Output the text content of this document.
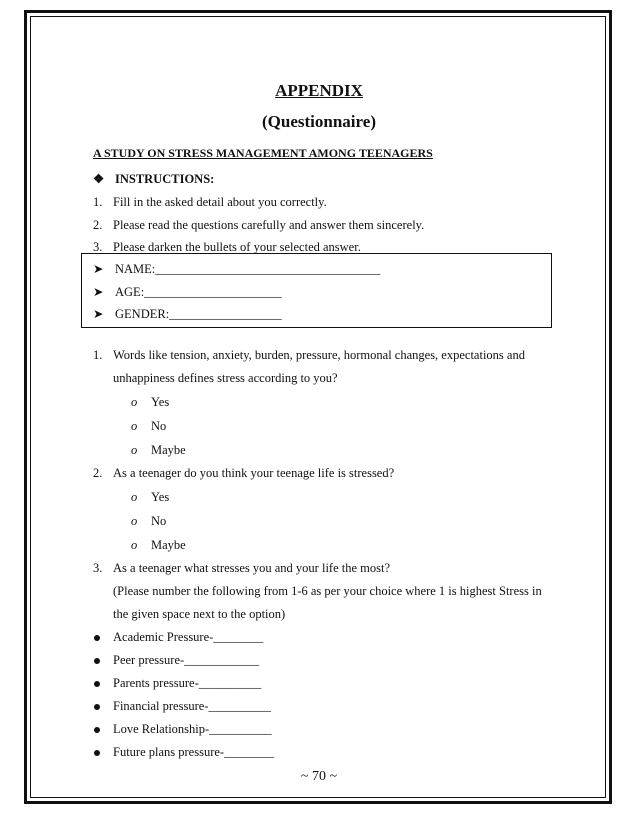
APPENDIX
(Questionnaire)
A STUDY ON STRESS MANAGEMENT AMONG TEENAGERS
❖ INSTRUCTIONS:
1. Fill in the asked detail about you correctly.
2. Please read the questions carefully and answer them sincerely.
3. Please darken the bullets of your selected answer.
➤ NAME:____________________________________
➤ AGE:______________________
➤ GENDER:__________________
1. Words like tension, anxiety, burden, pressure, hormonal changes, expectations and
unhappiness defines stress according to you?
o Yes
o No
o Maybe
2. As a teenager do you think your teenage life is stressed?
o Yes
o No
o Maybe
3. As a teenager what stresses you and your life the most?
(Please number the following from 1-6 as per your choice where 1 is highest Stress in
the given space next to the option)
Academic Pressure-________
Peer pressure-____________
Parents pressure-__________
Financial pressure-__________
Love Relationship-__________
Future plans pressure-________
~ 70 ~
